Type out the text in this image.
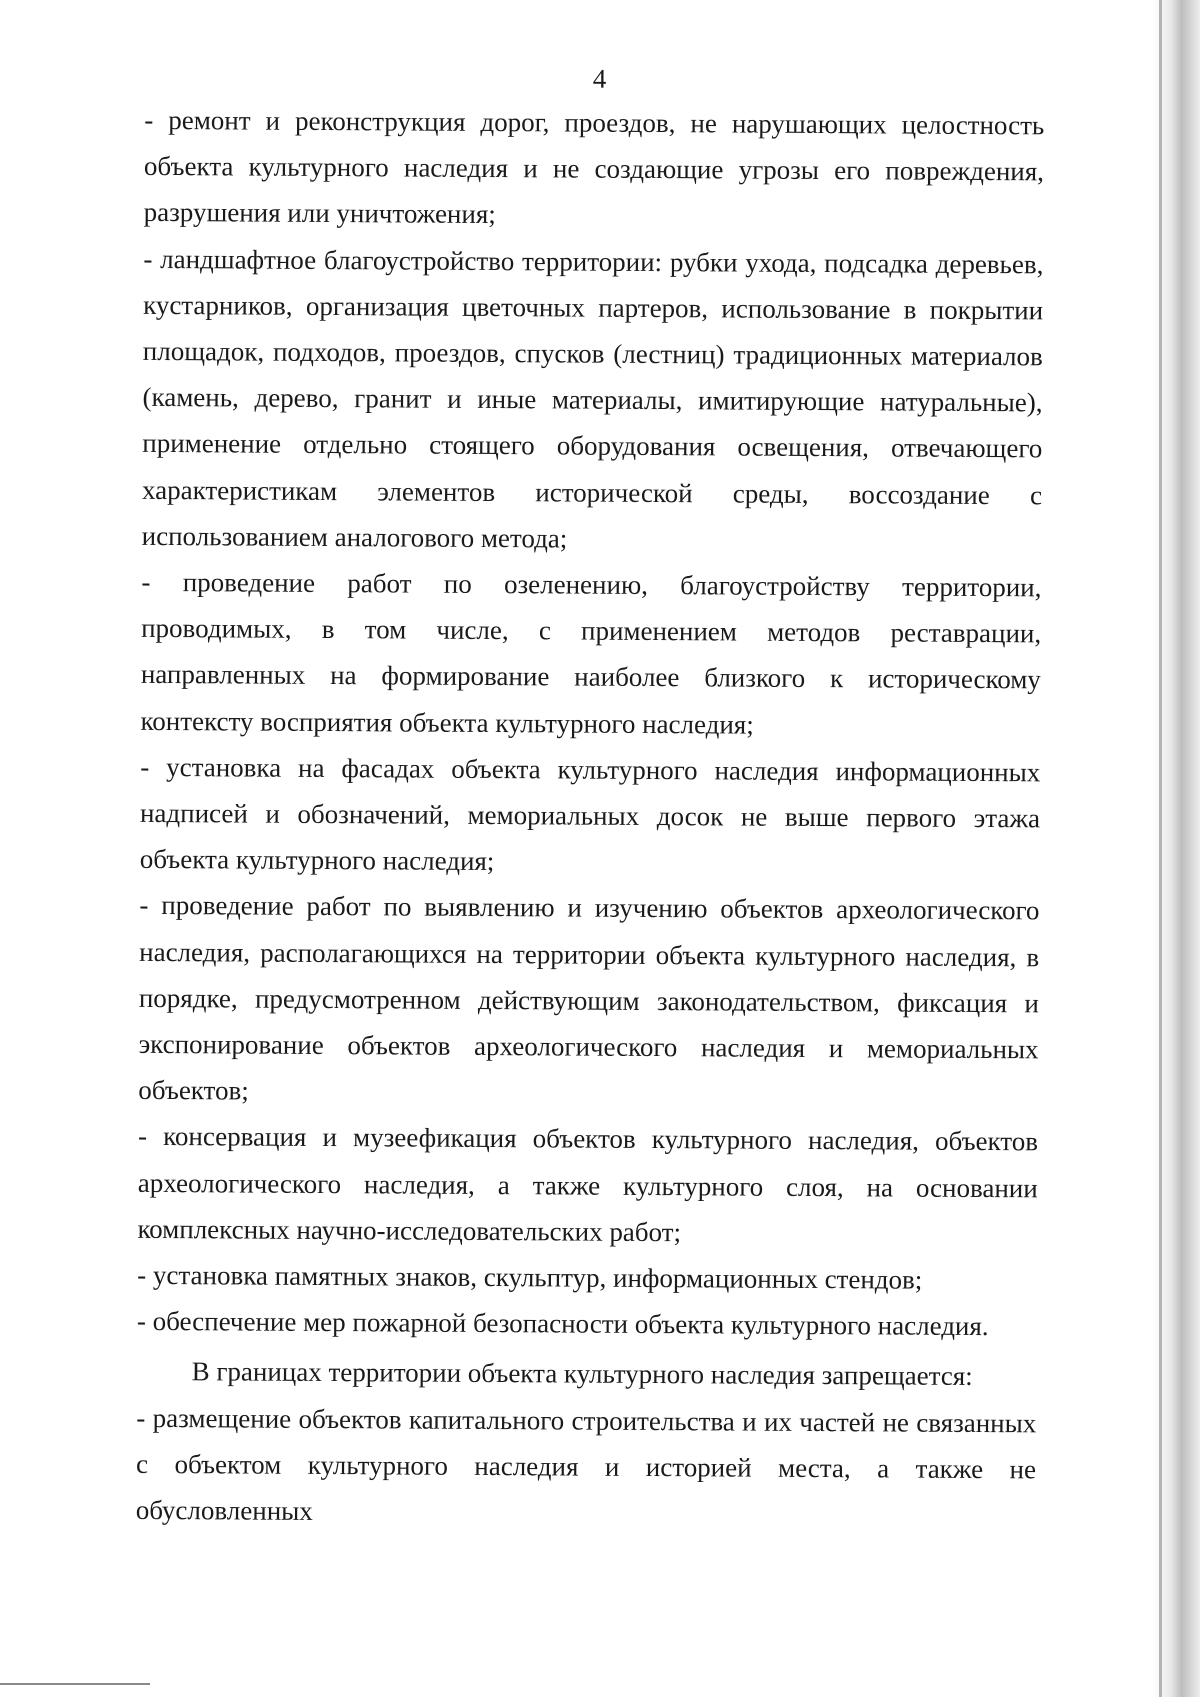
4

- ремонт и реконструкция дорог, проездов, не нарушающих целостность объекта культурного наследия и не создающие угрозы его повреждения, разрушения или уничтожения;

- ландшафтное благоустройство территории: рубки ухода, подсадка деревьев, кустарников, организация цветочных партеров, использование в покрытии площадок, подходов, проездов, спусков (лестниц) традиционных материалов (камень, дерево, гранит и иные материалы, имитирующие натуральные), применение отдельно стоящего оборудования освещения, отвечающего характеристикам элементов исторической среды, воссоздание с использованием аналогового метода;

- проведение работ по озеленению, благоустройству территории, проводимых, в том числе, с применением методов реставрации, направленных на формирование наиболее близкого к историческому контексту восприятия объекта культурного наследия;

- установка на фасадах объекта культурного наследия информационных надписей и обозначений, мемориальных досок не выше первого этажа объекта культурного наследия;

- проведение работ по выявлению и изучению объектов археологического наследия, располагающихся на территории объекта культурного наследия, в порядке, предусмотренном действующим законодательством, фиксация и экспонирование объектов археологического наследия и мемориальных объектов;

- консервация и музеефикация объектов культурного наследия, объектов археологического наследия, а также культурного слоя, на основании комплексных научно-исследовательских работ;

- установка памятных знаков, скульптур, информационных стендов;

- обеспечение мер пожарной безопасности объекта культурного наследия.

В границах территории объекта культурного наследия запрещается:

- размещение объектов капитального строительства и их частей не связанных с объектом культурного наследия и историей места, а также не обусловленных
